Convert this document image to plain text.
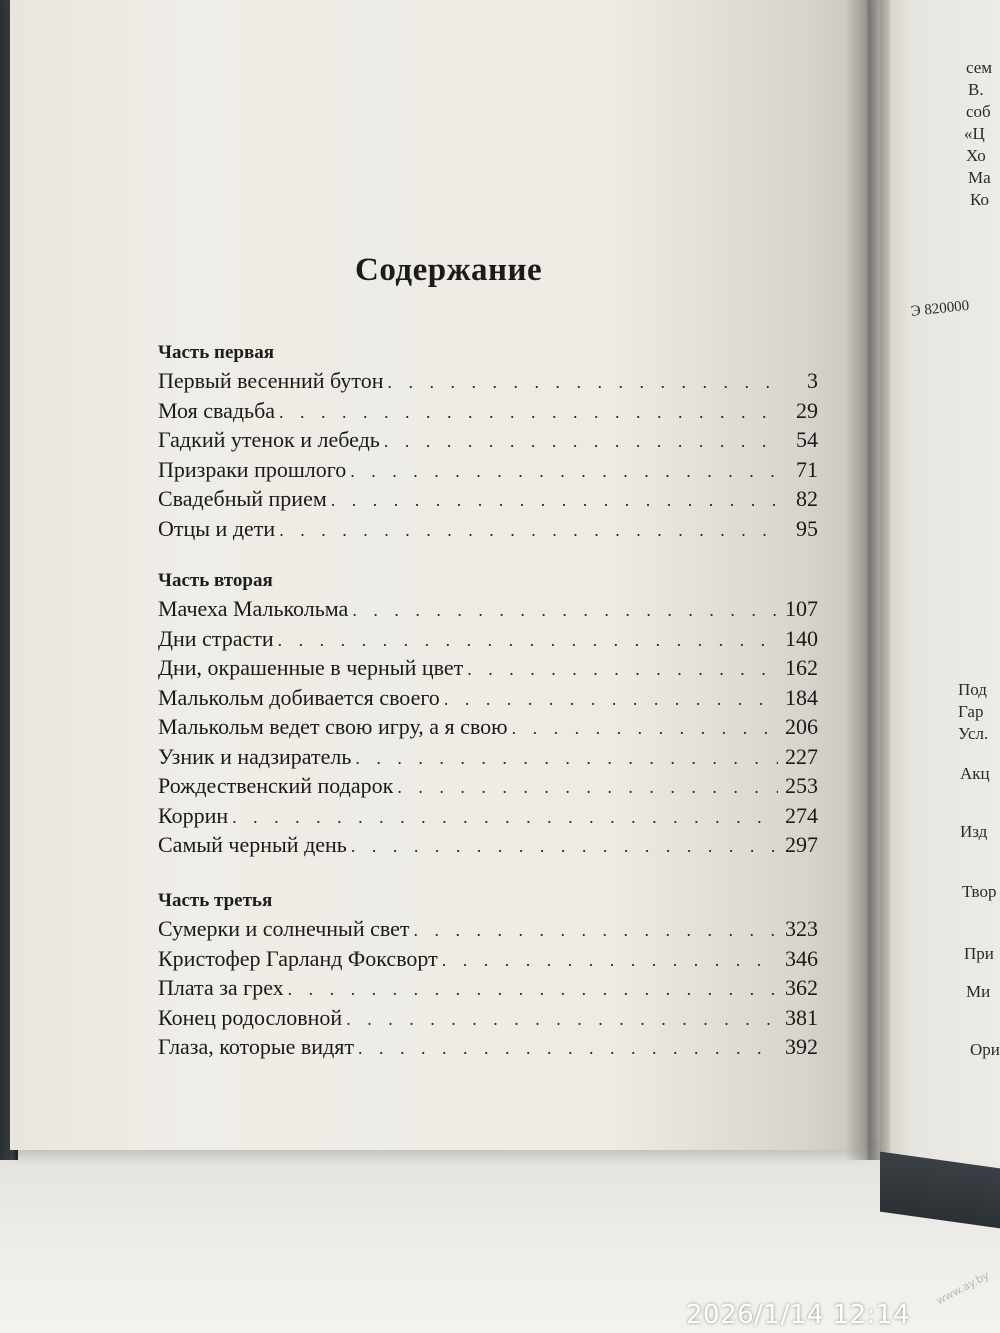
Содержание
Часть первая
Первый весенний бутон . . .	3
Моя свадьба . . .	29
Гадкий утенок и лебедь . . .	54
Призраки прошлого . . .	71
Свадебный прием . . .	82
Отцы и дети . . .	95
Часть вторая
Мачеха Малькольма . . .	107
Дни страсти . . .	140
Дни, окрашенные в черный цвет . . .	162
Малькольм добивается своего . . .	184
Малькольм ведет свою игру, а я свою . . .	206
Узник и надзиратель . . .	227
Рождественский подарок . . .	253
Коррин . . .	274
Самый черный день . . .	297
Часть третья
Сумерки и солнечный свет . . .	323
Кристофер Гарланд Фоксворт . . .	346
Плата за грех . . .	362
Конец родословной . . .	381
Глаза, которые видят . . .	392
сем
В.
соб
«Ц
Хо
Ма
Ко
Э 820000
Под
Гар
Усл.
Акц
Изд
Твор
При
Ми
Ори
2026/1/14 12:14
www.ay.by
